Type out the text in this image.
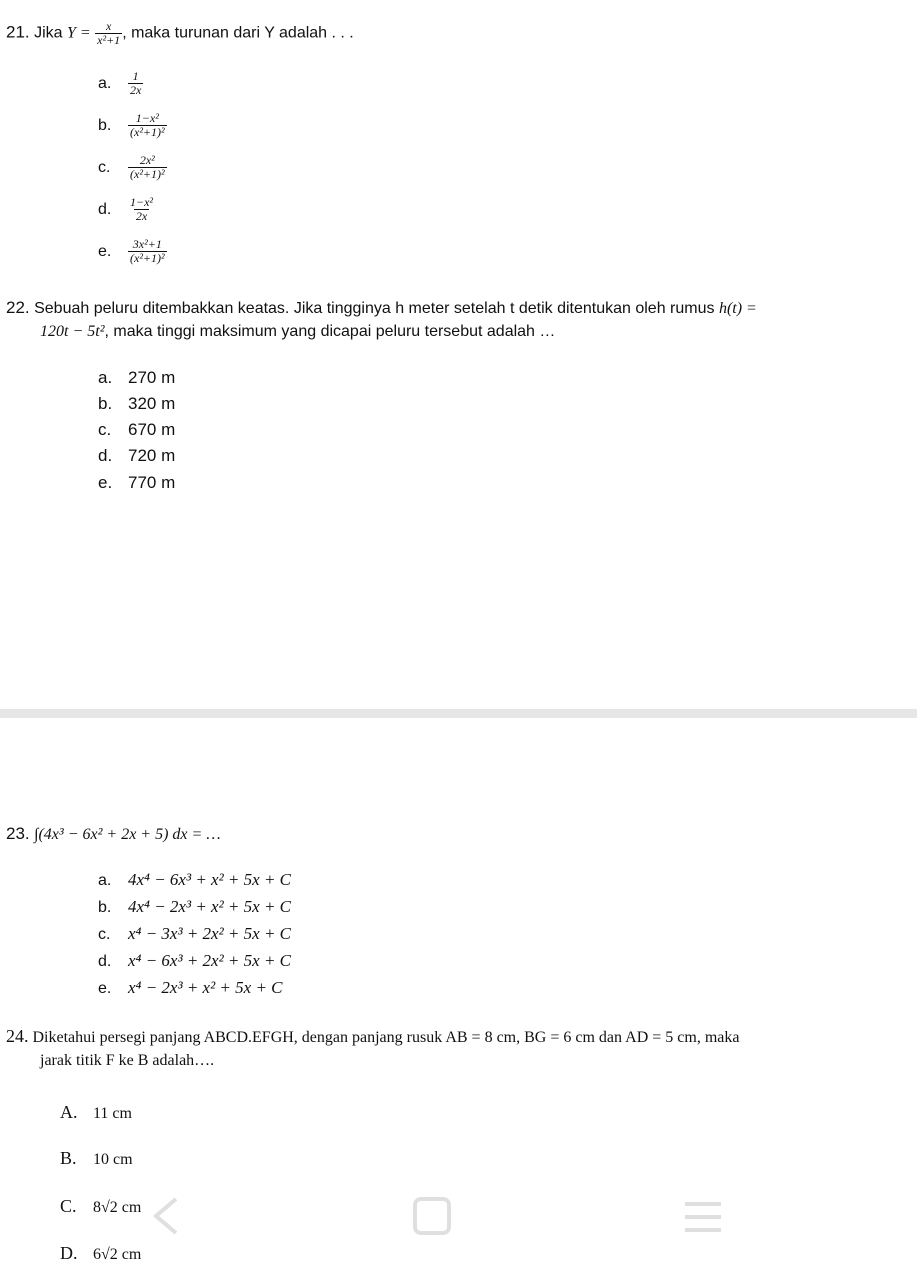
21. Jika $Y = \frac{x}{\text{x²+1}}$ , maka turunan dari Y adalah . . .
a. $\frac{1}{2x}$
b. $\frac{\text{1−x²}}{\text{(x²+1)²}}$
c. $\frac{\text{2x²}}{\text{(x²+1)²}}$
d. $\frac{\text{1−x²}}{2x}$
e. $\frac{\text{3x²+1}}{\text{(x²+1)²}}$
22. Sebuah peluru ditembakkan keatas. Jika tingginya h meter setelah t detik ditentukan oleh rumus h(t) =
120t − 5t², maka tinggi maksimum yang dicapai peluru tersebut adalah …
a. 270 m
b. 320 m
c. 670 m
d. 720 m
e. 770 m
23. ∫(4x³ − 6x² + 2x + 5) dx = …
a. 4x⁴ − 6x³ + x² + 5x + C
b. 4x⁴ − 2x³ + x² + 5x + C
c. x⁴ − 3x³ + 2x² + 5x + C
d. x⁴ − 6x³ + 2x² + 5x + C
e. x⁴ − 2x³ + x² + 5x + C
24. Diketahui persegi panjang ABCD.EFGH, dengan panjang rusuk AB = 8 cm, BG = 6 cm dan AD = 5 cm, maka
jarak titik F ke B adalah….
A. 11 cm
B. 10 cm
C. 8√2 cm
D. 6√2 cm
